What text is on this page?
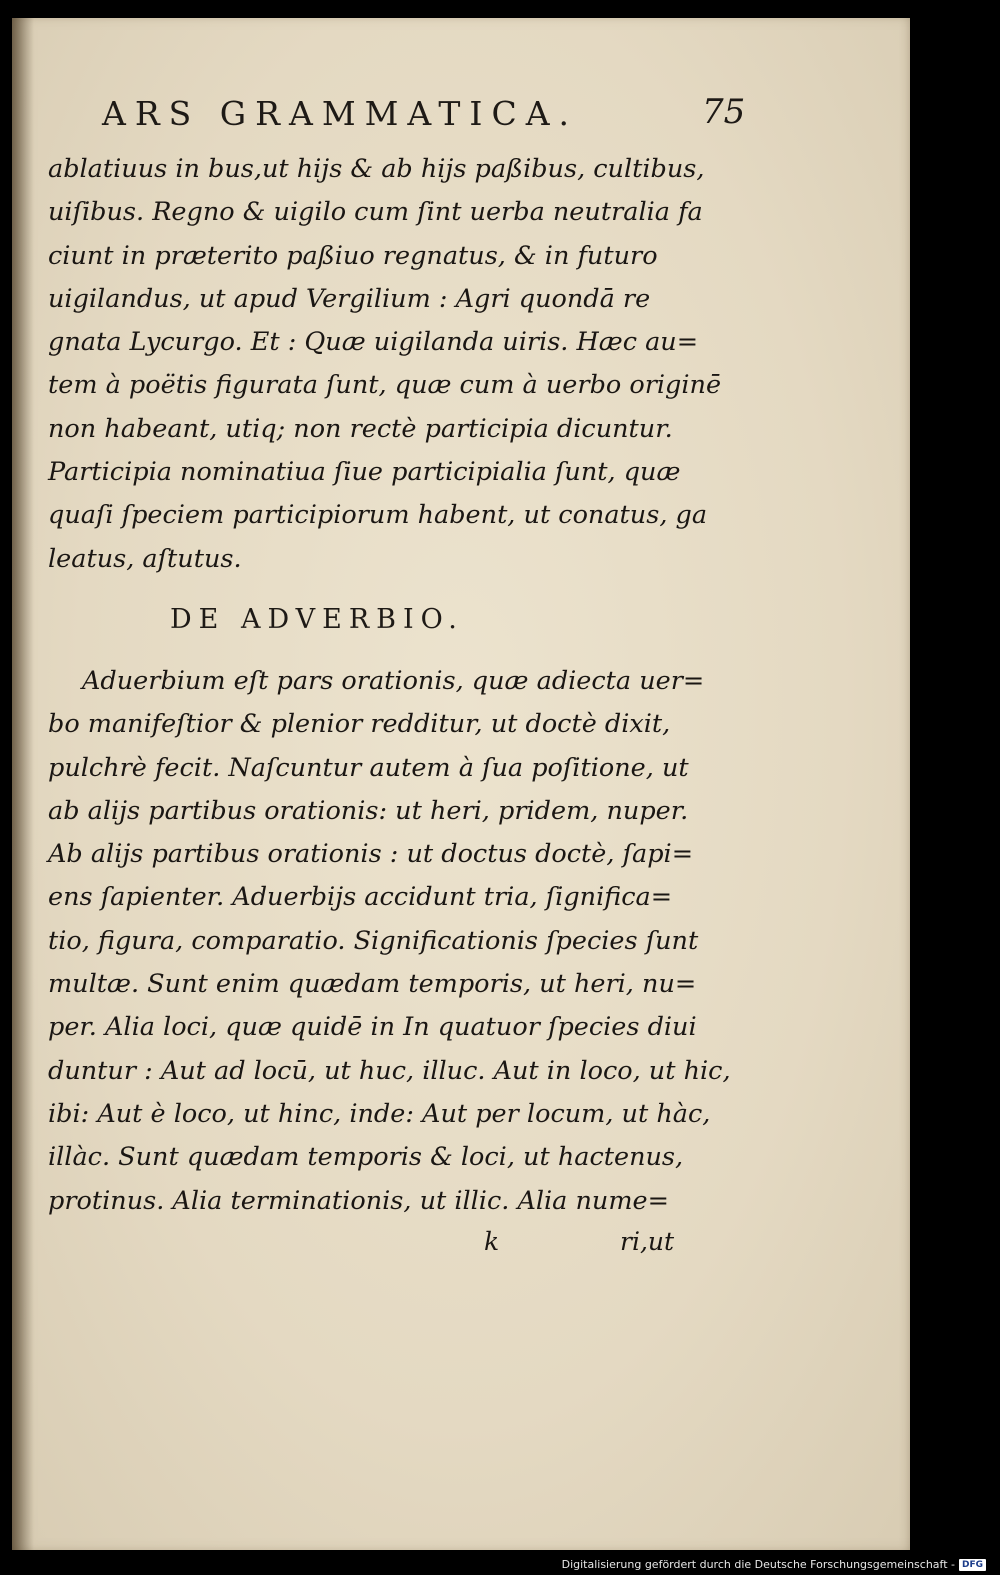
ARS GRAMMATICA.	75
ablatiuus in bus,ut hijs & ab hijs paßibus, cultibus,
uiſibus. Regno & uigilo cum ſint uerba neutralia fa
ciunt in prӕterito paßiuo regnatus, & in futuro
uigilandus, ut apud Vergilium : Agri quondā re
gnata Lycurgo. Et : Quӕ uigilanda uiris. Hӕc au=
tem à poëtis figurata ſunt, quӕ cum à uerbo originē
non habeant, utiq; non rectè participia dicuntur.
Participia nominatiua ſiue participialia ſunt, quӕ
quaſi ſpeciem participiorum habent, ut conatus, ga
leatus, aſtutus.
DE ADVERBIO.
Aduerbium eſt pars orationis, quӕ adiecta uer=
bo manifeſtior & plenior redditur, ut doctè dixit,
pulchrè fecit. Naſcuntur autem à ſua poſitione, ut
ab alijs partibus orationis: ut heri, pridem, nuper.
Ab alijs partibus orationis : ut doctus doctè, ſapi=
ens ſapienter. Aduerbijs accidunt tria, ſignifica=
tio, figura, comparatio. Significationis ſpecies ſunt
multӕ. Sunt enim quӕdam temporis, ut heri, nu=
per. Alia loci, quӕ quidē in In quatuor ſpecies diui
duntur : Aut ad locū, ut huc, illuc. Aut in loco, ut hic,
ibi: Aut è loco, ut hinc, inde: Aut per locum, ut hàc,
illàc. Sunt quӕdam temporis & loci, ut hactenus,
protinus. Alia terminationis, ut illic. Alia nume=
k	ri,ut
Digitalisierung gefördert durch die Deutsche Forschungsgemeinschaft - DFG
